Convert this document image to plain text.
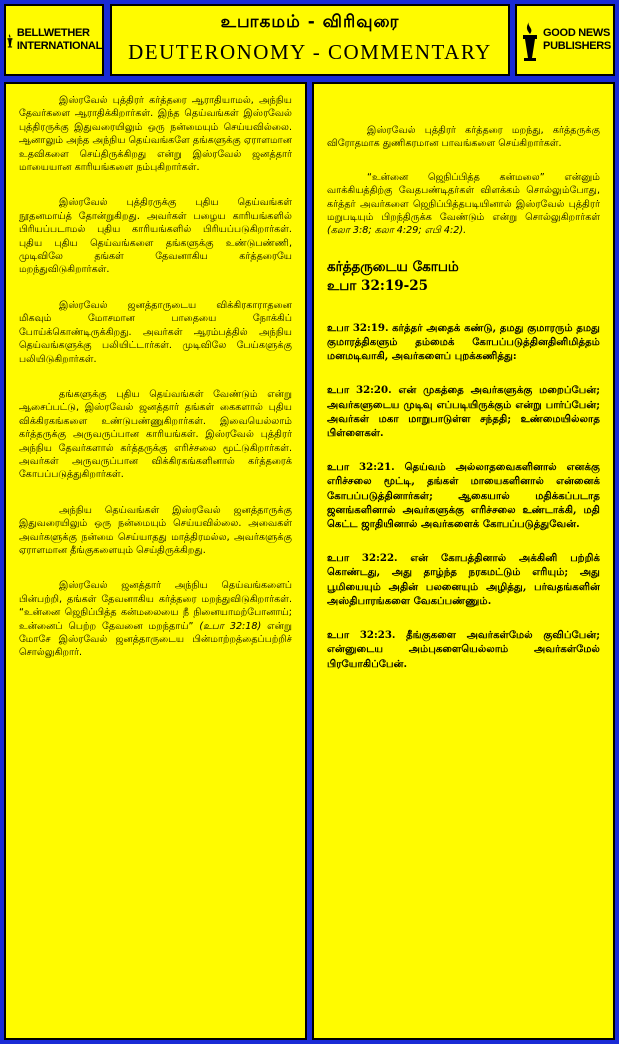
BELLWETHER
INTERNATIONAL
உபாகமம் - விரிவுரை
DEUTERONOMY - COMMENTARY
GOOD NEWS
PUBLISHERS

இஸ்ரவேல் புத்திரர் கர்த்தரை ஆராதியாமல், அந்நிய தேவர்களை ஆராதிக்கிறார்கள். இந்த தெய்வங்கள் இஸ்ரவேல் புத்திரருக்கு இதுவரையிலும் ஒரு நன்மையும் செய்யவில்லை. ஆனாலும் அந்த அந்நிய தெய்வங்களே தங்களுக்கு ஏராளமான உதவிகளை செய்திருக்கிறது என்று இஸ்ரவேல் ஜனத்தார் மாயையான காரியங்களை நம்புகிறார்கள்.

இஸ்ரவேல் புத்திரருக்கு புதிய தெய்வங்கள் நூதனமாய்த் தோன்றுகிறது. அவர்கள் பழைய காரியங்களில் பிரியப்படாமல் புதிய காரியங்களில் பிரியப்படுகிறார்கள். புதிய புதிய தெய்வங்களை தங்களுக்கு உண்டுபண்ணி, முடிவிலே தங்கள் தேவனாகிய கர்த்தரையே மறந்துவிடுகிறார்கள்.

இஸ்ரவேல் ஜனத்தாருடைய விக்கிரகாராதனை மிகவும் மோசமான பாதையை நோக்கிப் போய்க்கொண்டிருக்கிறது. அவர்கள் ஆரம்பத்தில் அந்நிய தெய்வங்களுக்கு பலியிட்டார்கள். முடிவிலே பேய்களுக்கு பலியிடுகிறார்கள்.

தங்களுக்கு புதிய தெய்வங்கள் வேண்டும் என்று ஆசைப்பட்டு, இஸ்ரவேல் ஜனத்தார் தங்கள் கைகளால் புதிய விக்கிரகங்களை உண்டுபண்ணுகிறார்கள். இவையெல்லாம் கர்த்தருக்கு அருவருப்பான காரியங்கள். இஸ்ரவேல் புத்திரர் அந்நிய தேவர்களால் கர்த்தருக்கு எரிச்சலை மூட்டுகிறார்கள். அவர்கள் அருவருப்பான விக்கிரகங்களினால் கர்த்தரைக் கோபப்படுத்துகிறார்கள்.

அந்நிய தெய்வங்கள் இஸ்ரவேல் ஜனத்தாருக்கு இதுவரையிலும் ஒரு நன்மையும் செய்யவில்லை. அவைகள் அவர்களுக்கு நன்மை செய்யாதது மாத்திரமல்ல, அவர்களுக்கு ஏராளமான தீங்குகளையும் செய்திருக்கிறது.

இஸ்ரவேல் ஜனத்தார் அந்நிய தெய்வங்களைப் பின்பற்றி, தங்கள் தேவனாகிய கர்த்தரை மறந்துவிடுகிறார்கள். “உன்னை ஜெநிப்பித்த கன்மலையை நீ நினையாமற்போனாய்; உன்னைப் பெற்ற தேவனை மறந்தாய்” (உபா 32:18) என்று மோசே இஸ்ரவேல் ஜனத்தாருடைய பின்மாற்றத்தைப்பற்றிச் சொல்லுகிறார்.

இஸ்ரவேல் புத்திரர் கர்த்தரை மறந்து, கர்த்தருக்கு விரோதமாக துணிகரமான பாவங்களை செய்கிறார்கள்.

“உன்னை ஜெநிப்பித்த கன்மலை” என்னும் வாக்கியத்திற்கு வேதபண்டிதர்கள் விளக்கம் சொல்லும்போது, கர்த்தர் அவர்களை ஜெநிப்பித்தபடியினால் இஸ்ரவேல் புத்திரர் மறுபடியும் பிறந்திருக்க வேண்டும் என்று சொல்லுகிறார்கள் (கலா 3:8; கலா 4:29; எபி 4:2).

கர்த்தருடைய கோபம்
உபா 32:19-25

உபா 32:19. கர்த்தர் அதைக் கண்டு, தமது குமாரரும் தமது குமாரத்திகளும் தம்மைக் கோபப்படுத்தினதினிமித்தம் மனமடிவாகி, அவர்களைப் புறக்கணித்து:

உபா 32:20. என் முகத்தை அவர்களுக்கு மறைப்பேன்; அவர்களுடைய முடிவு எப்படியிருக்கும் என்று பார்ப்பேன்; அவர்கள் மகா மாறுபாடுள்ள சந்ததி; உண்மையில்லாத பிள்ளைகள்.

உபா 32:21. தெய்வம் அல்லாதவைகளினால் எனக்கு எரிச்சலை மூட்டி, தங்கள் மாயைகளினால் என்னைக் கோபப்படுத்தினார்கள்; ஆகையால் மதிக்கப்படாத ஜனங்களினால் அவர்களுக்கு எரிச்சலை உண்டாக்கி, மதி கெட்ட ஜாதியினால் அவர்களைக் கோபப்படுத்துவேன்.

உபா 32:22. என் கோபத்தினால் அக்கினி பற்றிக் கொண்டது, அது தாழ்ந்த நரகமட்டும் எரியும்; அது பூமியையும் அதின் பலனையும் அழித்து, பர்வதங்களின் அஸ்திபாரங்களை வேகப்பண்ணும்.

உபா 32:23. தீங்குகளை அவர்கள்மேல் குவிப்பேன்; என்னுடைய அம்புகளையெல்லாம் அவர்கள்மேல் பிரயோகிப்பேன்.
